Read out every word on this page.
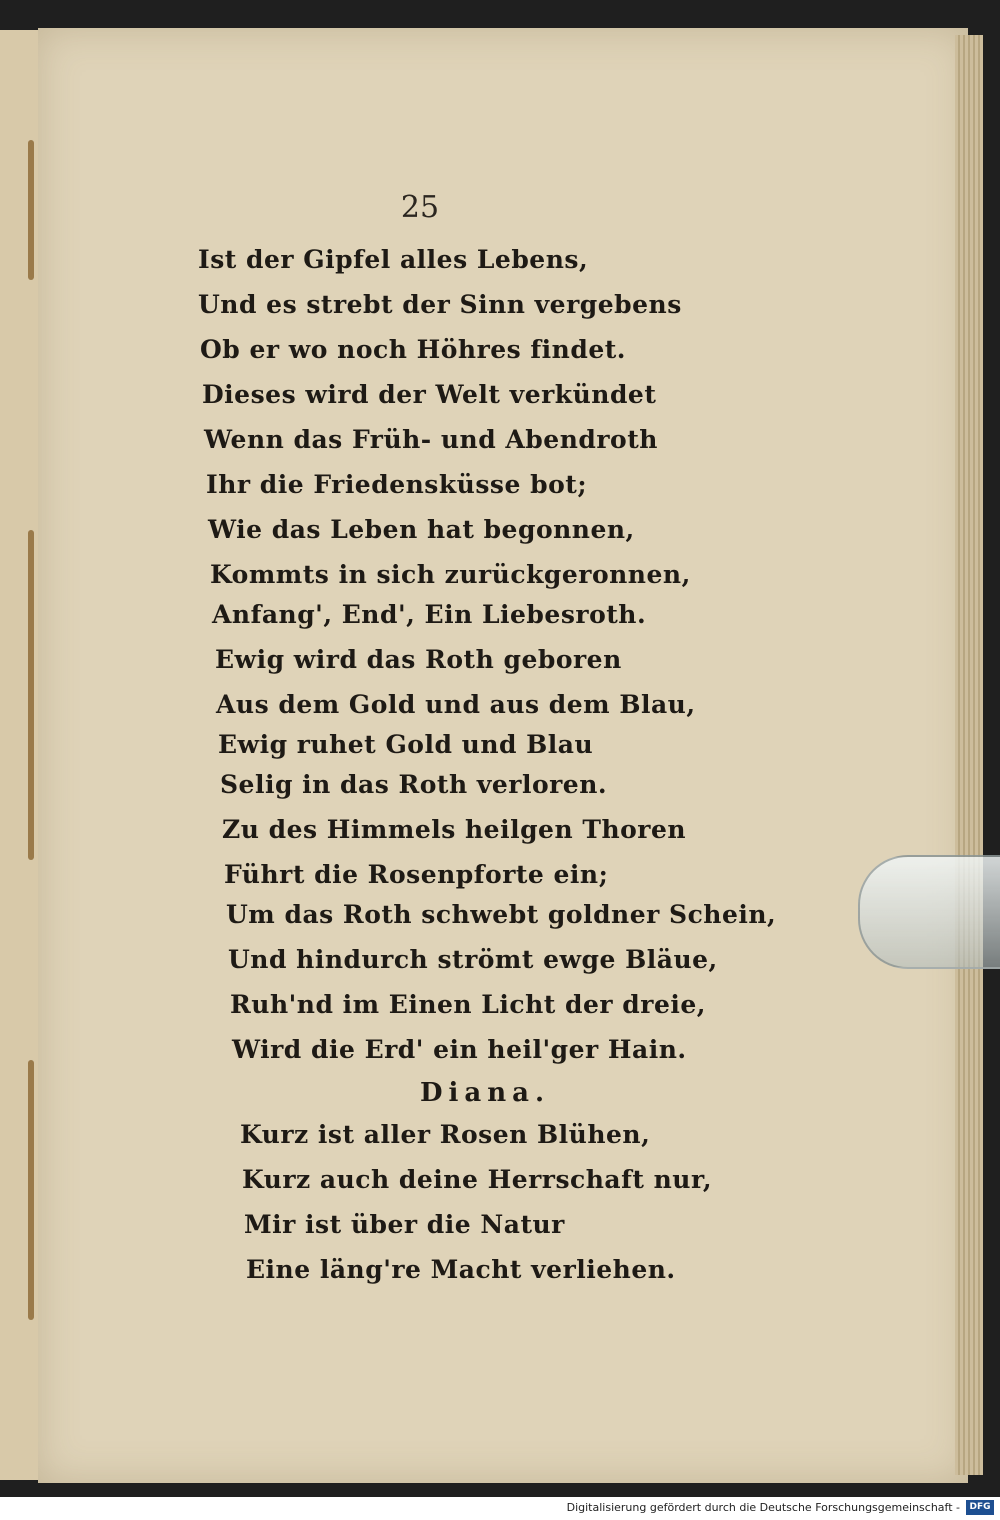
25

Ist der Gipfel alles Lebens,

Und es strebt der Sinn vergebens

Ob er wo noch Höhres findet.

Dieses wird der Welt verkündet

Wenn das Früh- und Abendroth

Ihr die Friedensküsse bot;

Wie das Leben hat begonnen,

Kommts in sich zurückgeronnen,

Anfang', End', Ein Liebesroth.

Ewig wird das Roth geboren

Aus dem Gold und aus dem Blau,

Ewig ruhet Gold und Blau

Selig in das Roth verloren.

Zu des Himmels heilgen Thoren

Führt die Rosenpforte ein;

Um das Roth schwebt goldner Schein,

Und hindurch strömt ewge Bläue,

Ruh'nd im Einen Licht der dreie,

Wird die Erd' ein heil'ger Hain.

Diana.

Kurz ist aller Rosen Blühen,

Kurz auch deine Herrschaft nur,

Mir ist über die Natur

Eine läng're Macht verliehen.

Digitalisierung gefördert durch die Deutsche Forschungsgemeinschaft -	DFG
